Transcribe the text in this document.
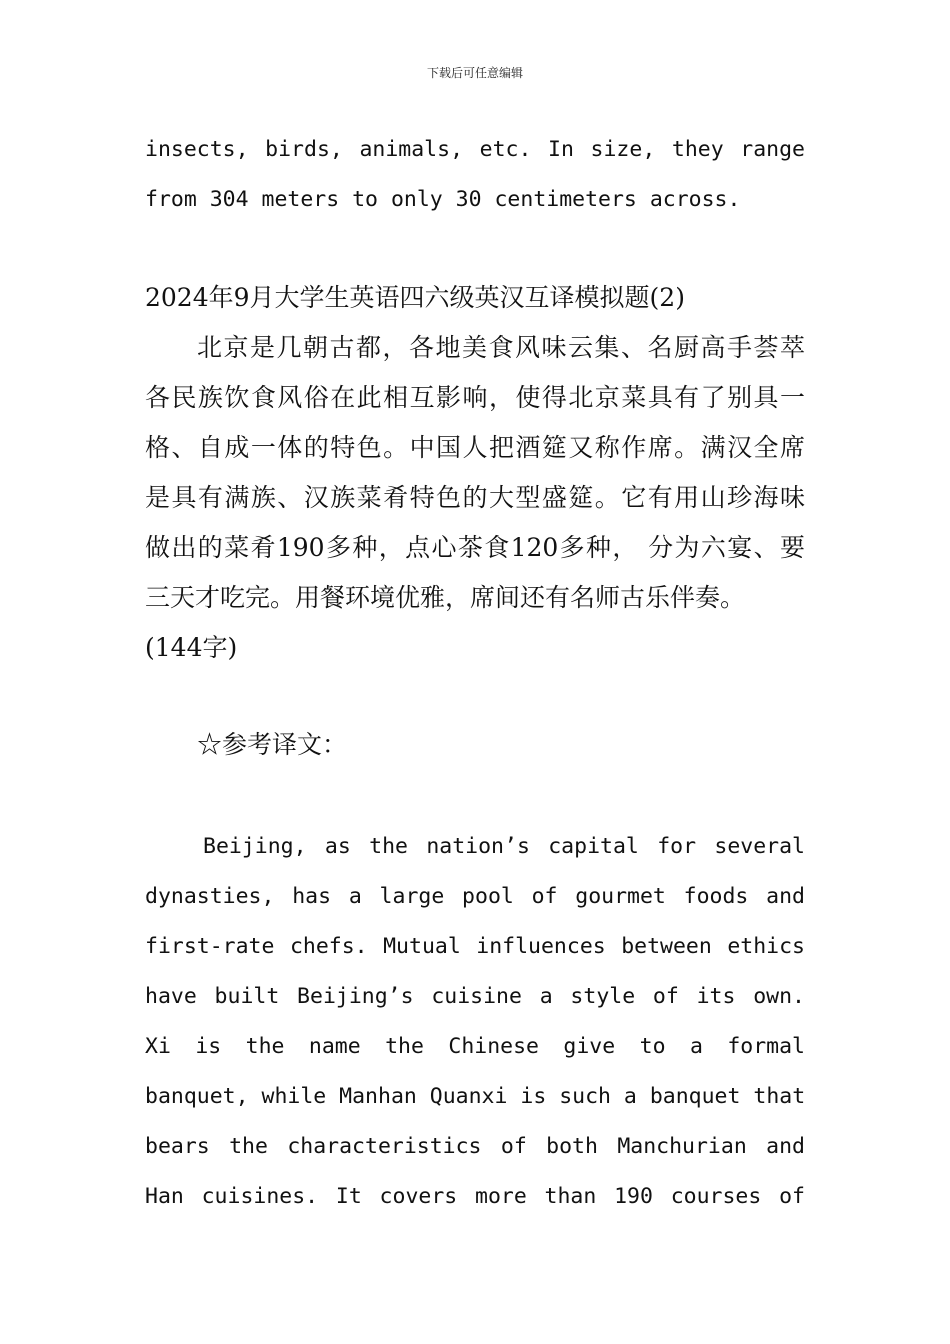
下载后可任意编辑
insects, birds, animals, etc. In size, they range
from 304 meters to only 30 centimeters across.
2024年9月大学生英语四六级英汉互译模拟题(2)
北京是几朝古都，各地美食风味云集、名厨高手荟萃
各民族饮食风俗在此相互影响，使得北京菜具有了别具一
格、自成一体的特色。中国人把酒筵又称作席。满汉全席
是具有满族、汉族菜肴特色的大型盛筵。它有用山珍海味
做出的菜肴190多种，点心茶食120多种， 分为六宴、要
三天才吃完。用餐环境优雅，席间还有名师古乐伴奏。
(144字)
☆参考译文：
Beijing, as the nation’s capital for several
dynasties, has a large pool of gourmet foods and
first-rate chefs. Mutual influences between ethics
have built Beijing’s cuisine a style of its own.
Xi is the name the Chinese give to a formal
banquet, while Manhan Quanxi is such a banquet that
bears the characteristics of both Manchurian and
Han cuisines. It covers more than 190 courses of
